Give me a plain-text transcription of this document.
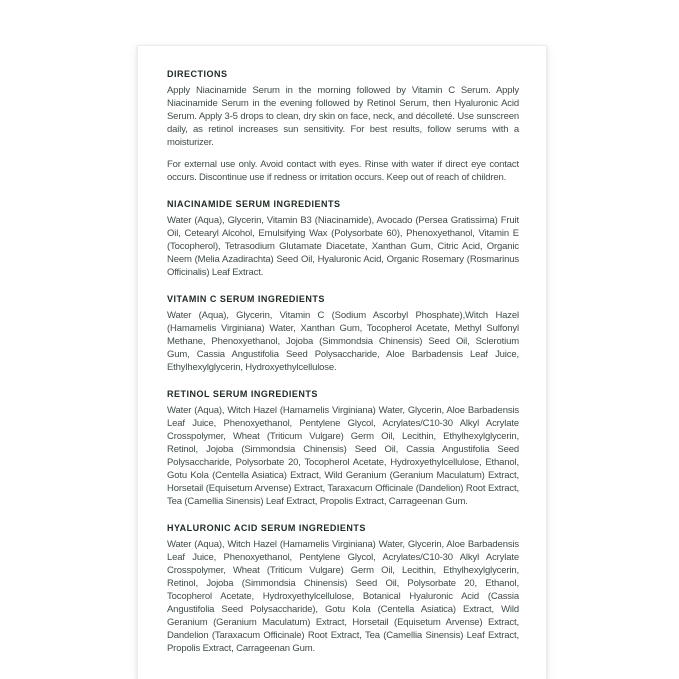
DIRECTIONS

Apply Niacinamide Serum in the morning followed by Vitamin C Serum. Apply Niacinamide Serum in the evening followed by Retinol Serum, then Hyaluronic Acid Serum. Apply 3-5 drops to clean, dry skin on face, neck, and décolleté. Use sunscreen daily, as retinol increases sun sensitivity. For best results, follow serums with a moisturizer.

For external use only. Avoid contact with eyes. Rinse with water if direct eye contact occurs. Discontinue use if redness or irritation occurs. Keep out of reach of children.

NIACINAMIDE SERUM INGREDIENTS

Water (Aqua), Glycerin, Vitamin B3 (Niacinamide), Avocado (Persea Gratissima) Fruit Oil, Cetearyl Alcohol, Emulsifying Wax (Polysorbate 60), Phenoxyethanol, Vitamin E (Tocopherol), Tetrasodium Glutamate Diacetate, Xanthan Gum, Citric Acid, Organic Neem (Melia Azadirachta) Seed Oil, Hyaluronic Acid, Organic Rosemary (Rosmarinus Officinalis) Leaf Extract.

VITAMIN C SERUM INGREDIENTS

Water (Aqua), Glycerin, Vitamin C (Sodium Ascorbyl Phosphate),Witch Hazel (Hamamelis Virginiana) Water, Xanthan Gum, Tocopherol Acetate, Methyl Sulfonyl Methane, Phenoxyethanol, Jojoba (Simmondsia Chinensis) Seed Oil, Sclerotium Gum, Cassia Angustifolia Seed Polysaccharide, Aloe Barbadensis Leaf Juice, Ethylhexylglycerin, Hydroxyethylcellulose.

RETINOL SERUM INGREDIENTS

Water (Aqua), Witch Hazel (Hamamelis Virginiana) Water, Glycerin, Aloe Barbadensis Leaf Juice, Phenoxyethanol, Pentylene Glycol, Acrylates/C10-30 Alkyl Acrylate Crosspolymer, Wheat (Triticum Vulgare) Germ Oil, Lecithin, Ethylhexylglycerin, Retinol, Jojoba (Simmondsia Chinensis) Seed Oil, Cassia Angustifolia Seed Polysaccharide, Polysorbate 20, Tocopherol Acetate, Hydroxyethylcellulose, Ethanol, Gotu Kola (Centella Asiatica) Extract, Wild Geranium (Geranium Maculatum) Extract, Horsetail (Equisetum Arvense) Extract, Taraxacum Officinale (Dandelion) Root Extract, Tea (Camellia Sinensis) Leaf Extract, Propolis Extract, Carrageenan Gum.

HYALURONIC ACID SERUM INGREDIENTS

Water (Aqua), Witch Hazel (Hamamelis Virginiana) Water, Glycerin, Aloe Barbadensis Leaf Juice, Phenoxyethanol, Pentylene Glycol, Acrylates/C10-30 Alkyl Acrylate Crosspolymer, Wheat (Triticum Vulgare) Germ Oil, Lecithin, Ethylhexylglycerin, Retinol, Jojoba (Simmondsia Chinensis) Seed Oil, Polysorbate 20, Ethanol, Tocopherol Acetate, Hydroxyethylcellulose, Botanical Hyaluronic Acid (Cassia Angustifolia Seed Polysaccharide), Gotu Kola (Centella Asiatica) Extract, Wild Geranium (Geranium Maculatum) Extract, Horsetail (Equisetum Arvense) Extract, Dandelion (Taraxacum Officinale) Root Extract, Tea (Camellia Sinensis) Leaf Extract, Propolis Extract, Carrageenan Gum.
